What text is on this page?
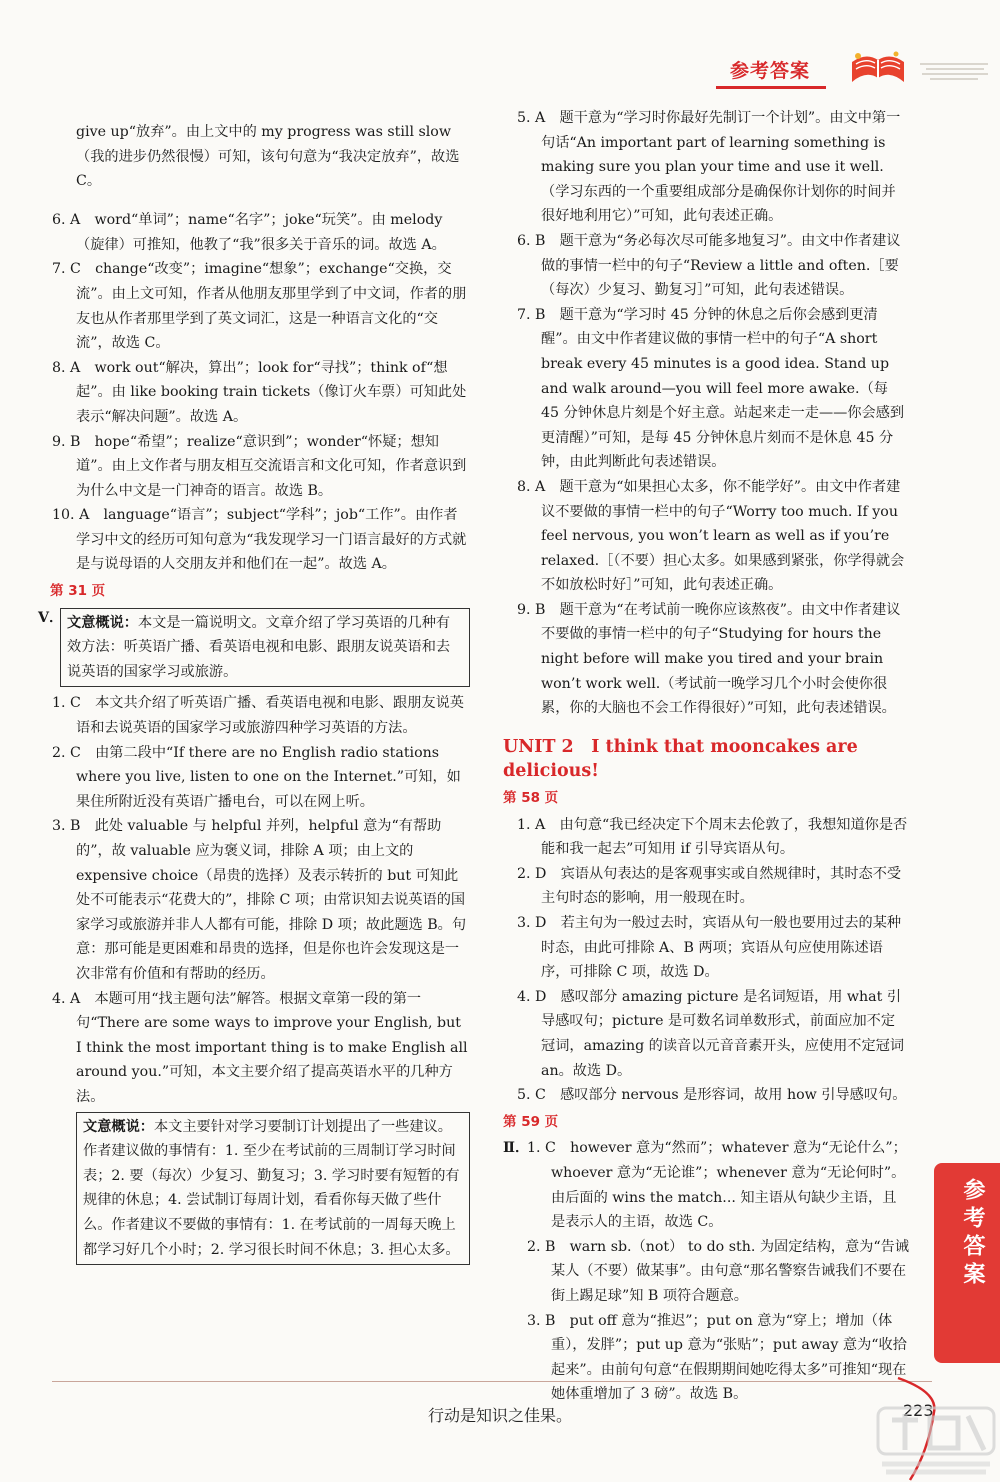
参考答案

give up“放弃”。由上文中的 my progress was still slow（我的进步仍然很慢）可知，该句句意为“我决定放弃”，故选 C。

6. A　word“单词”；name“名字”；joke“玩笑”。由 melody（旋律）可推知，他教了“我”很多关于音乐的词。故选 A。

7. C　change“改变”；imagine“想象”；exchange“交换，交流”。由上文可知，作者从他朋友那里学到了中文词，作者的朋友也从作者那里学到了英文词汇，这是一种语言文化的“交流”，故选 C。

8. A　work out“解决，算出”；look for“寻找”；think of“想起”。由 like booking train tickets（像订火车票）可知此处表示“解决问题”。故选 A。

9. B　hope“希望”；realize“意识到”；wonder“怀疑；想知道”。由上文作者与朋友相互交流语言和文化可知，作者意识到为什么中文是一门神奇的语言。故选 B。

10. A　language“语言”；subject“学科”；job“工作”。由作者学习中文的经历可知句意为“我发现学习一门语言最好的方式就是与说母语的人交朋友并和他们在一起”。故选 A。

第 31 页
V． 文意概说：本文是一篇说明文。文章介绍了学习英语的几种有效方法：听英语广播、看英语电视和电影、跟朋友说英语和去说英语的国家学习或旅游。

1. C　本文共介绍了听英语广播、看英语电视和电影、跟朋友说英语和去说英语的国家学习或旅游四种学习英语的方法。

2. C　由第二段中“If there are no English radio stations where you live, listen to one on the Internet.”可知，如果住所附近没有英语广播电台，可以在网上听。

3. B　此处 valuable 与 helpful 并列，helpful 意为“有帮助的”，故 valuable 应为褒义词，排除 A 项；由上文的 expensive choice（昂贵的选择）及表示转折的 but 可知此处不可能表示“花费大的”，排除 C 项；由常识知去说英语的国家学习或旅游并非人人都有可能，排除 D 项；故此题选 B。句意：那可能是更困难和昂贵的选择，但是你也许会发现这是一次非常有价值和有帮助的经历。

4. A　本题可用“找主题句法”解答。根据文章第一段的第一句“There are some ways to improve your English, but I think the most important thing is to make English all around you.”可知，本文主要介绍了提高英语水平的几种方法。

文意概说：本文主要针对学习要制订计划提出了一些建议。作者建议做的事情有：1. 至少在考试前的三周制订学习时间表；2. 要（每次）少复习、勤复习；3. 学习时要有短暂的有规律的休息；4. 尝试制订每周计划，看看你每天做了些什么。作者建议不要做的事情有：1. 在考试前的一周每天晚上都学习好几个小时；2. 学习很长时间不休息；3. 担心太多。

5. A　题干意为“学习时你最好先制订一个计划”。由文中第一句话“An important part of learning something is making sure you plan your time and use it well.（学习东西的一个重要组成部分是确保你计划你的时间并很好地利用它）”可知，此句表述正确。

6. B　题干意为“务必每次尽可能多地复习”。由文中作者建议做的事情一栏中的句子“Review a little and often.［要（每次）少复习、勤复习］”可知，此句表述错误。

7. B　题干意为“学习时 45 分钟的休息之后你会感到更清醒”。由文中作者建议做的事情一栏中的句子“A short break every 45 minutes is a good idea. Stand up and walk around—you will feel more awake.（每 45 分钟休息片刻是个好主意。站起来走一走——你会感到更清醒）”可知，是每 45 分钟休息片刻而不是休息 45 分钟，由此判断此句表述错误。

8. A　题干意为“如果担心太多，你不能学好”。由文中作者建议不要做的事情一栏中的句子“Worry too much. If you feel nervous, you won’t learn as well as if you’re relaxed.［（不要）担心太多。如果感到紧张，你学得就会不如放松时好］”可知，此句表述正确。

9. B　题干意为“在考试前一晚你应该熬夜”。由文中作者建议不要做的事情一栏中的句子“Studying for hours the night before will make you tired and your brain won’t work well.（考试前一晚学习几个小时会使你很累，你的大脑也不会工作得很好）”可知，此句表述错误。

UNIT 2　I think that mooncakes are delicious!
第 58 页

1. A　由句意“我已经决定下个周末去伦敦了，我想知道你是否能和我一起去”可知用 if 引导宾语从句。

2. D　宾语从句表达的是客观事实或自然规律时，其时态不受主句时态的影响，用一般现在时。

3. D　若主句为一般过去时，宾语从句一般也要用过去的某种时态，由此可排除 A、B 两项；宾语从句应使用陈述语序，可排除 C 项，故选 D。

4. D　感叹部分 amazing picture 是名词短语，用 what 引导感叹句；picture 是可数名词单数形式，前面应加不定冠词，amazing 的读音以元音音素开头，应使用不定冠词 an。故选 D。

5. C　感叹部分 nervous 是形容词，故用 how 引导感叹句。

第 59 页
Ⅱ．

1. C　however 意为“然而”；whatever 意为“无论什么”；whoever 意为“无论谁”；whenever 意为“无论何时”。由后面的 wins the match... 知主语从句缺少主语，且是表示人的主语，故选 C。

2. B　warn sb.（not） to do sth. 为固定结构，意为“告诫某人（不要）做某事”。由句意“那名警察告诫我们不要在街上踢足球”知 B 项符合题意。

3. B　put off 意为“推迟”；put on 意为“穿上；增加（体重），发胖”；put up 意为“张贴”；put away 意为“收拾起来”。由前句句意“在假期期间她吃得太多”可推知“现在她体重增加了 3 磅”。故选 B。

参考答案
行动是知识之佳果。	223
